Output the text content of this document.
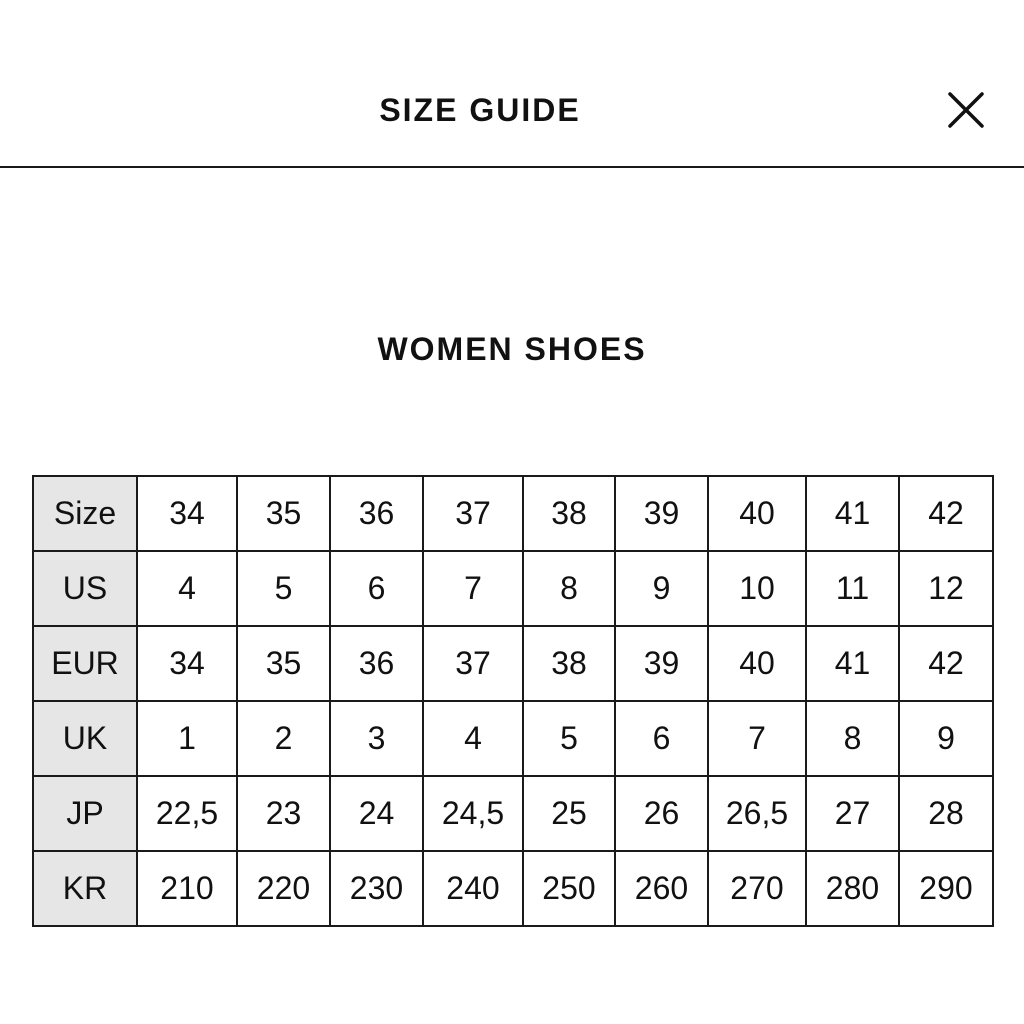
SIZE GUIDE
WOMEN SHOES
Size	34	35	36	37	38	39	40	41	42
US	4	5	6	7	8	9	10	11	12
EUR	34	35	36	37	38	39	40	41	42
UK	1	2	3	4	5	6	7	8	9
JP	22,5	23	24	24,5	25	26	26,5	27	28
KR	210	220	230	240	250	260	270	280	290
